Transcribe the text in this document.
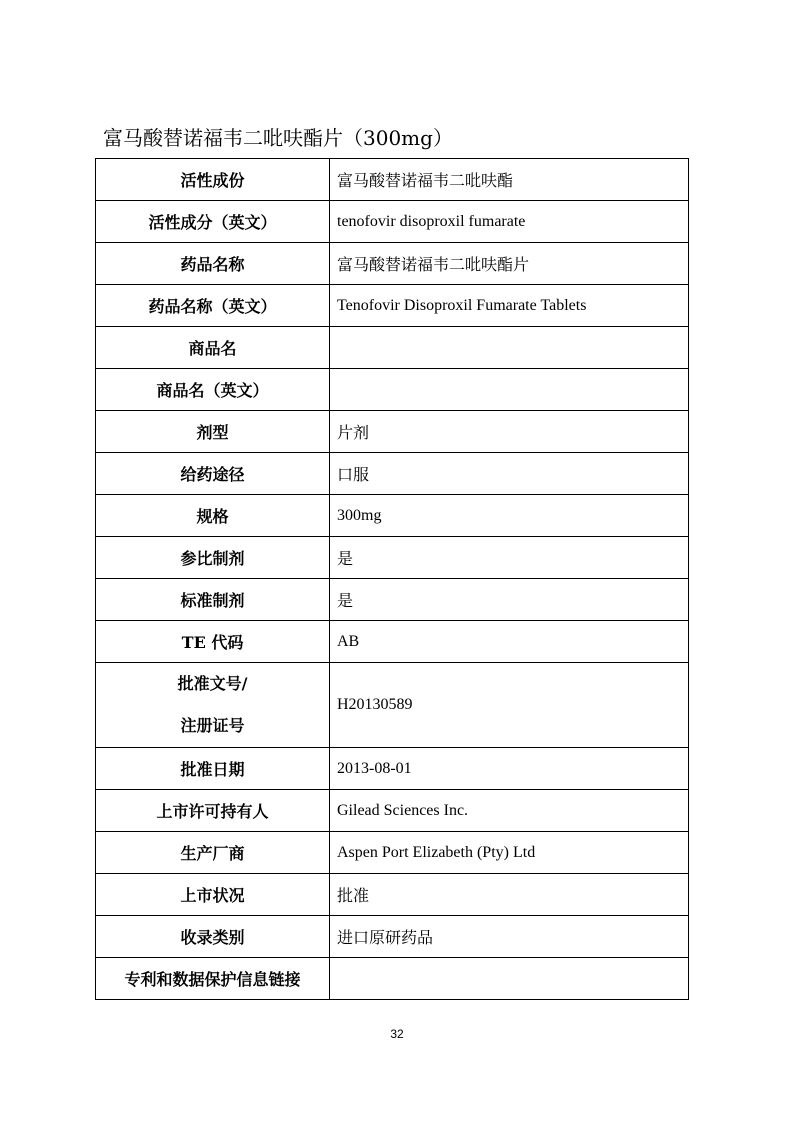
富马酸替诺福韦二吡呋酯片（300mg）
活性成份	富马酸替诺福韦二吡呋酯
活性成分（英文）	tenofovir disoproxil fumarate
药品名称	富马酸替诺福韦二吡呋酯片
药品名称（英文）	Tenofovir Disoproxil Fumarate Tablets
商品名	
商品名（英文）	
剂型	片剂
给药途径	口服
规格	300mg
参比制剂	是
标准制剂	是
TE 代码	AB

批准文号/
注册证号	H20130589
批准日期	2013-08-01
上市许可持有人	Gilead Sciences Inc.
生产厂商	Aspen Port Elizabeth (Pty) Ltd
上市状况	批准
收录类别	进口原研药品
专利和数据保护信息链接	
32
